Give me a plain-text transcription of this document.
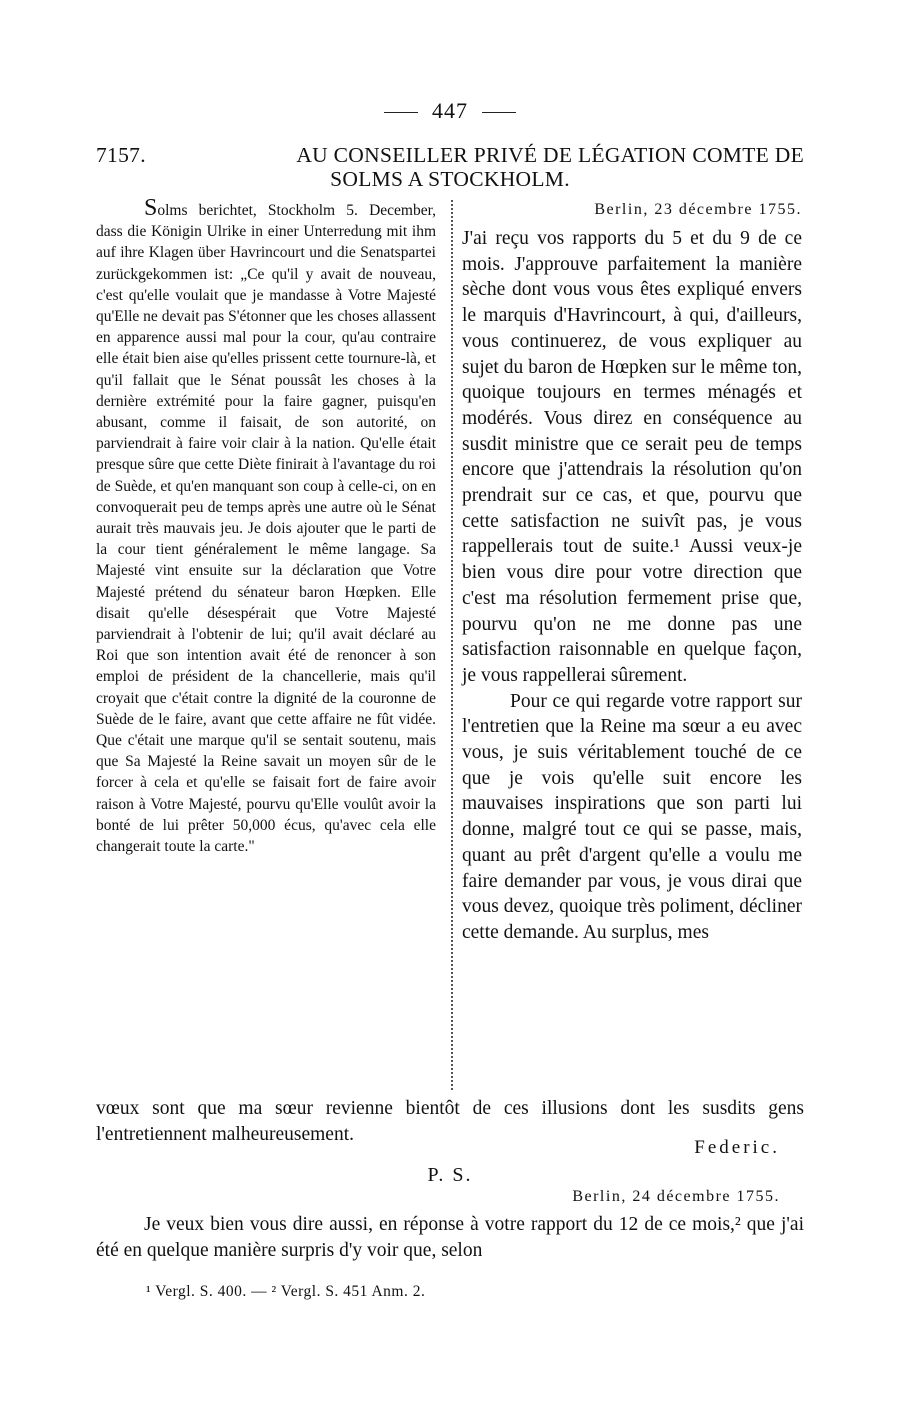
447
7157.	AU CONSEILLER PRIVÉ DE LÉGATION COMTE DE
SOLMS A STOCKHOLM.

Solms berichtet, Stockholm 5. December, dass die Königin Ulrike in einer Unterredung mit ihm auf ihre Klagen über Havrincourt und die Senatspartei zurückgekommen ist: „Ce qu'il y avait de nouveau, c'est qu'elle voulait que je mandasse à Votre Majesté qu'Elle ne devait pas S'étonner que les choses allassent en apparence aussi mal pour la cour, qu'au contraire elle était bien aise qu'elles prissent cette tournure-là, et qu'il fallait que le Sénat poussât les choses à la dernière extrémité pour la faire gagner, puisqu'en abusant, comme il faisait, de son autorité, on parviendrait à faire voir clair à la nation. Qu'elle était presque sûre que cette Diète finirait à l'avantage du roi de Suède, et qu'en manquant son coup à celle-ci, on en convoquerait peu de temps après une autre où le Sénat aurait très mauvais jeu. Je dois ajouter que le parti de la cour tient généralement le même langage. Sa Majesté vint ensuite sur la déclaration que Votre Majesté prétend du sénateur baron Hœpken. Elle disait qu'elle désespérait que Votre Majesté parviendrait à l'obtenir de lui; qu'il avait déclaré au Roi que son intention avait été de renoncer à son emploi de président de la chancellerie, mais qu'il croyait que c'était contre la dignité de la couronne de Suède de le faire, avant que cette affaire ne fût vidée. Que c'était une marque qu'il se sentait soutenu, mais que Sa Majesté la Reine savait un moyen sûr de le forcer à cela et qu'elle se faisait fort de faire avoir raison à Votre Majesté, pourvu qu'Elle voulût avoir la bonté de lui prêter 50,000 écus, qu'avec cela elle changerait toute la carte."

Berlin, 23 décembre 1755.

J'ai reçu vos rapports du 5 et du 9 de ce mois. J'approuve parfaitement la manière sèche dont vous vous êtes expliqué envers le marquis d'Havrincourt, à qui, d'ailleurs, vous continuerez, de vous expliquer au sujet du baron de Hœpken sur le même ton, quoique toujours en termes ménagés et modérés. Vous direz en conséquence au susdit ministre que ce serait peu de temps encore que j'attendrais la résolution qu'on prendrait sur ce cas, et que, pourvu que cette satisfaction ne suivît pas, je vous rappellerais tout de suite.¹ Aussi veux-je bien vous dire pour votre direction que c'est ma résolution fermement prise que, pourvu qu'on ne me donne pas une satisfaction raisonnable en quelque façon, je vous rappellerai sûrement.

Pour ce qui regarde votre rapport sur l'entretien que la Reine ma sœur a eu avec vous, je suis véritablement touché de ce que je vois qu'elle suit encore les mauvaises inspirations que son parti lui donne, malgré tout ce qui se passe, mais, quant au prêt d'argent qu'elle a voulu me faire demander par vous, je vous dirai que vous devez, quoique très poliment, décliner cette demande. Au surplus, mes

vœux sont que ma sœur revienne bientôt de ces illusions dont les susdits gens l'entretiennent malheureusement.

Federic.
P. S.
Berlin, 24 décembre 1755.

Je veux bien vous dire aussi, en réponse à votre rapport du 12 de ce mois,² que j'ai été en quelque manière surpris d'y voir que, selon

¹ Vergl. S. 400. — ² Vergl. S. 451 Anm. 2.
